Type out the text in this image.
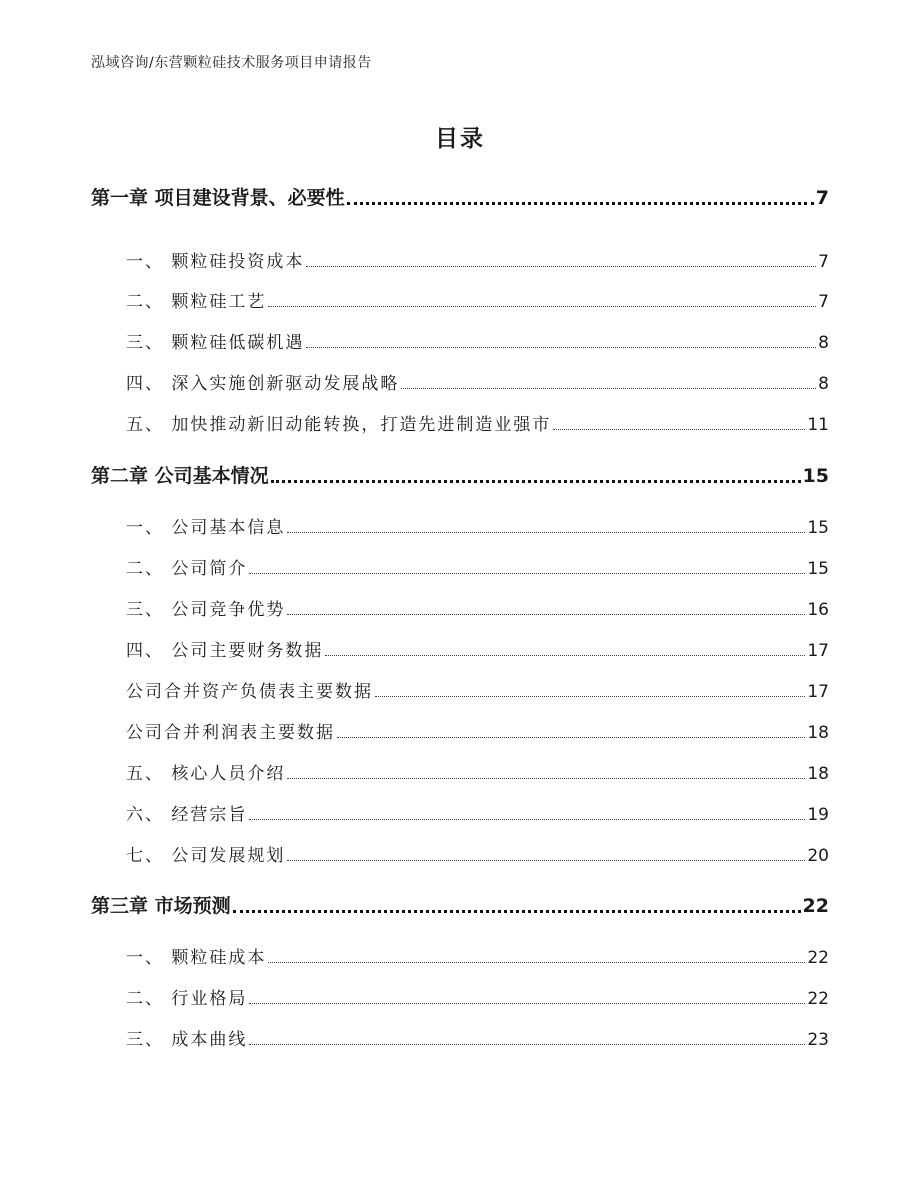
泓域咨询/东营颗粒硅技术服务项目申请报告
目录
第一章 项目建设背景、必要性	7
一、 颗粒硅投资成本	7
二、 颗粒硅工艺	7
三、 颗粒硅低碳机遇	8
四、 深入实施创新驱动发展战略	8
五、 加快推动新旧动能转换，打造先进制造业强市	11
第二章 公司基本情况	15
一、 公司基本信息	15
二、 公司简介	15
三、 公司竞争优势	16
四、 公司主要财务数据	17
公司合并资产负债表主要数据	17
公司合并利润表主要数据	18
五、 核心人员介绍	18
六、 经营宗旨	19
七、 公司发展规划	20
第三章 市场预测	22
一、 颗粒硅成本	22
二、 行业格局	22
三、 成本曲线	23
